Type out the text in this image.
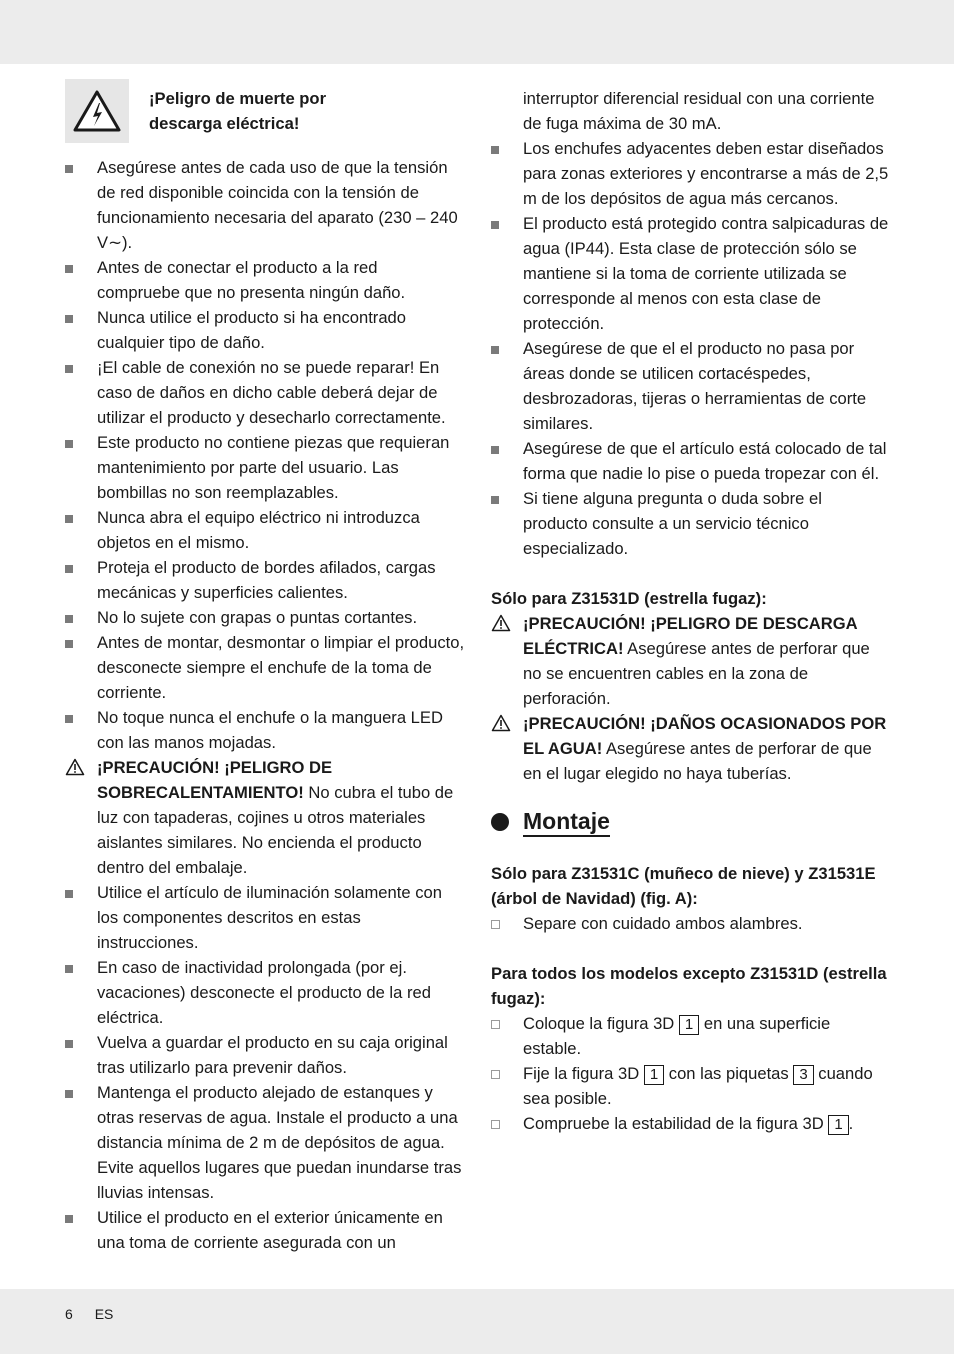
¡Peligro de muerte por
descarga eléctrica!
Asegúrese antes de cada uso de que la tensión de red disponible coincida con la tensión de funcionamiento necesaria del aparato (230 – 240 V∼).
Antes de conectar el producto a la red compruebe que no presenta ningún daño.
Nunca utilice el producto si ha encontrado cualquier tipo de daño.
¡El cable de conexión no se puede reparar! En caso de daños en dicho cable deberá dejar de utilizar el producto y desecharlo correctamente.
Este producto no contiene piezas que requieran mantenimiento por parte del usuario. Las bombillas no son reemplazables.
Nunca abra el equipo eléctrico ni introduzca objetos en el mismo.
Proteja el producto de bordes afilados, cargas mecánicas y superficies calientes.
No lo sujete con grapas o puntas cortantes.
Antes de montar, desmontar o limpiar el producto, desconecte siempre el enchufe de la toma de corriente.
No toque nunca el enchufe o la manguera LED con las manos mojadas.
¡PRECAUCIÓN! ¡PELIGRO DE SOBRECALENTAMIENTO! No cubra el tubo de luz con tapaderas, cojines u otros materiales aislantes similares. No encienda el producto dentro del embalaje.
Utilice el artículo de iluminación solamente con los componentes descritos en estas instrucciones.
En caso de inactividad prolongada (por ej. vacaciones) desconecte el producto de la red eléctrica.
Vuelva a guardar el producto en su caja original tras utilizarlo para prevenir daños.
Mantenga el producto alejado de estanques y otras reservas de agua. Instale el producto a una distancia mínima de 2 m de depósitos de agua. Evite aquellos lugares que puedan inundarse tras lluvias intensas.
Utilice el producto en el exterior únicamente en una toma de corriente asegurada con un
interruptor diferencial residual con una corriente de fuga máxima de 30 mA.
Los enchufes adyacentes deben estar diseñados para zonas exteriores y encontrarse a más de 2,5 m de los depósitos de agua más cercanos.
El producto está protegido contra salpicaduras de agua (IP44). Esta clase de protección sólo se mantiene si la toma de corriente utilizada se corresponde al menos con esta clase de protección.
Asegúrese de que el el producto no pasa por áreas donde se utilicen cortacéspedes, desbrozadoras, tijeras o herramientas de corte similares.
Asegúrese de que el artículo está colocado de tal forma que nadie lo pise o pueda tropezar con él.
Si tiene alguna pregunta o duda sobre el producto consulte a un servicio técnico especializado.

Sólo para Z31531D (estrella fugaz):

¡PRECAUCIÓN! ¡PELIGRO DE DESCARGA ELÉCTRICA! Asegúrese antes de perforar que no se encuentren cables en la zona de perforación.
¡PRECAUCIÓN! ¡DAÑOS OCASIONADOS POR EL AGUA! Asegúrese antes de perforar de que en el lugar elegido no haya tuberías.
Montaje

Sólo para Z31531C (muñeco de nieve) y Z31531E (árbol de Navidad) (fig. A):

Separe con cuidado ambos alambres.

Para todos los modelos excepto Z31531D (estrella fugaz):

Coloque la figura 3D 1 en una superficie estable.
Fije la figura 3D 1 con las piquetas 3 cuando sea posible.
Compruebe la estabilidad de la figura 3D 1 .
6 ES
